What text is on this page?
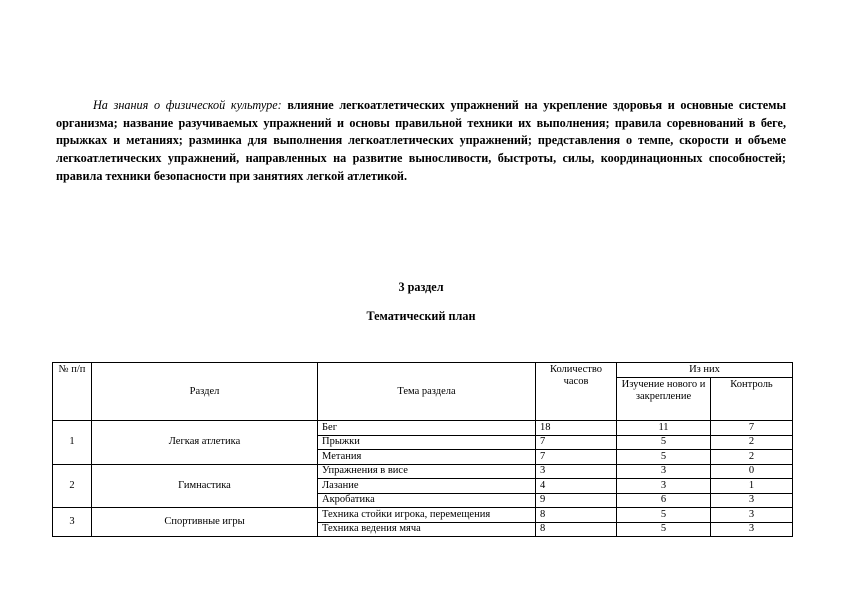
На знания о физической культуре: влияние легкоатлетических упражнений на укрепление здоровья и основные системы организма; название разучиваемых упражнений и основы правильной техники их выполнения; правила соревнований в беге, прыжках и метаниях; разминка для выполнения легкоатлетических упражнений; представления о темпе, скорости и объеме легкоатлетических упражнений, направленных на развитие выносливости, быстроты, силы, координационных способностей; правила техники безопасности при занятиях легкой атлетикой.

3 раздел
Тематический план
№ п/п	Раздел	Тема раздела	Количество часов	Из них	
				Изучение нового и закрепление	Контроль
1	Легкая атлетика	Бег	18	11	7
		Прыжки	7	5	2
		Метания	7	5	2
2	Гимнастика	Упражнения в висе	3	3	0
		Лазание	4	3	1
		Акробатика	9	6	3
3	Спортивные игры	Техника стойки игрока, перемещения	8	5	3
		Техника ведения мяча	8	5	3
